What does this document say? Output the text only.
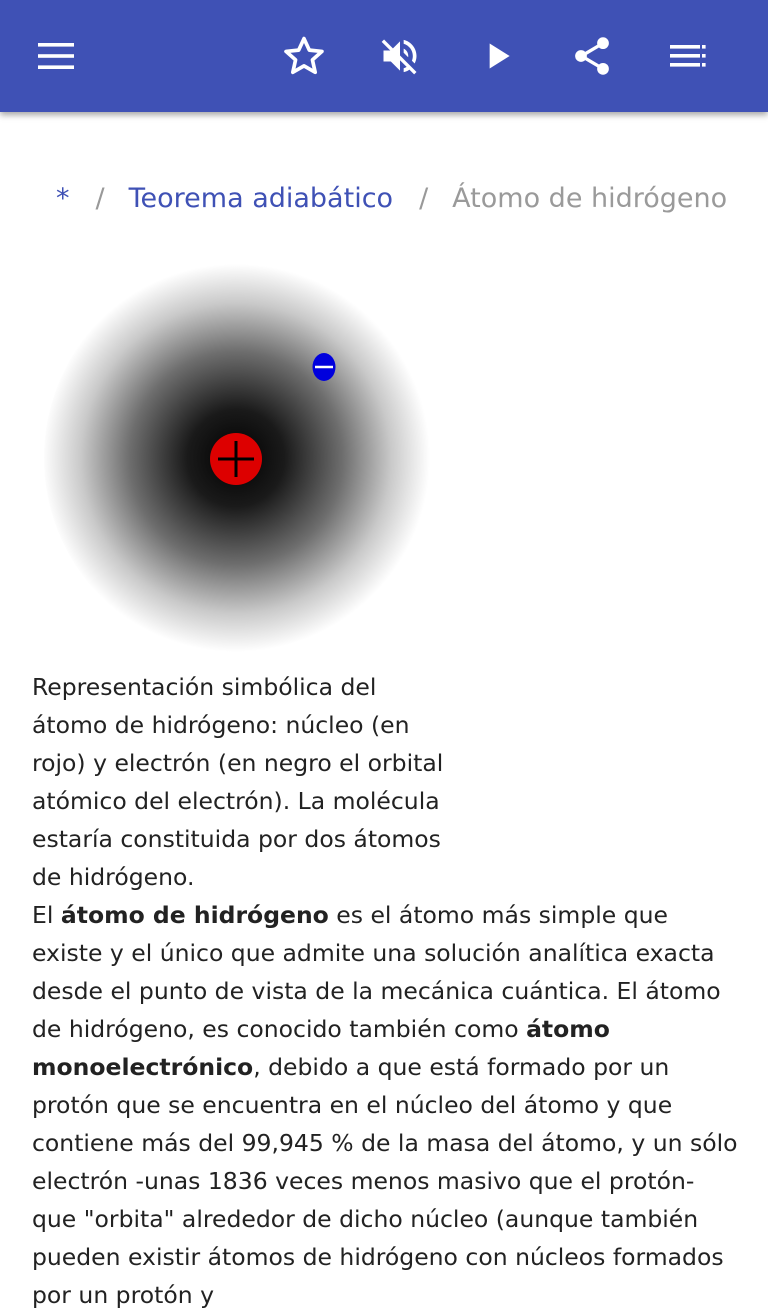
* / Teorema adiabático / Átomo de hidrógeno
Representación simbólica del átomo de hidrógeno: núcleo (en rojo) y electrón (en negro el orbital atómico del electrón). La molécula estaría constituida por dos átomos de hidrógeno.
El átomo de hidrógeno es el átomo más simple que existe y el único que admite una solución analítica exacta desde el punto de vista de la mecánica cuántica. El átomo de hidrógeno, es conocido también como átomo monoelectrónico, debido a que está formado por un protón que se encuentra en el núcleo del átomo y que contiene más del 99,945 % de la masa del átomo, y un sólo electrón -unas 1836 veces menos masivo que el protón- que "orbita" alrededor de dicho núcleo (aunque también pueden existir átomos de hidrógeno con núcleos formados por un protón y
